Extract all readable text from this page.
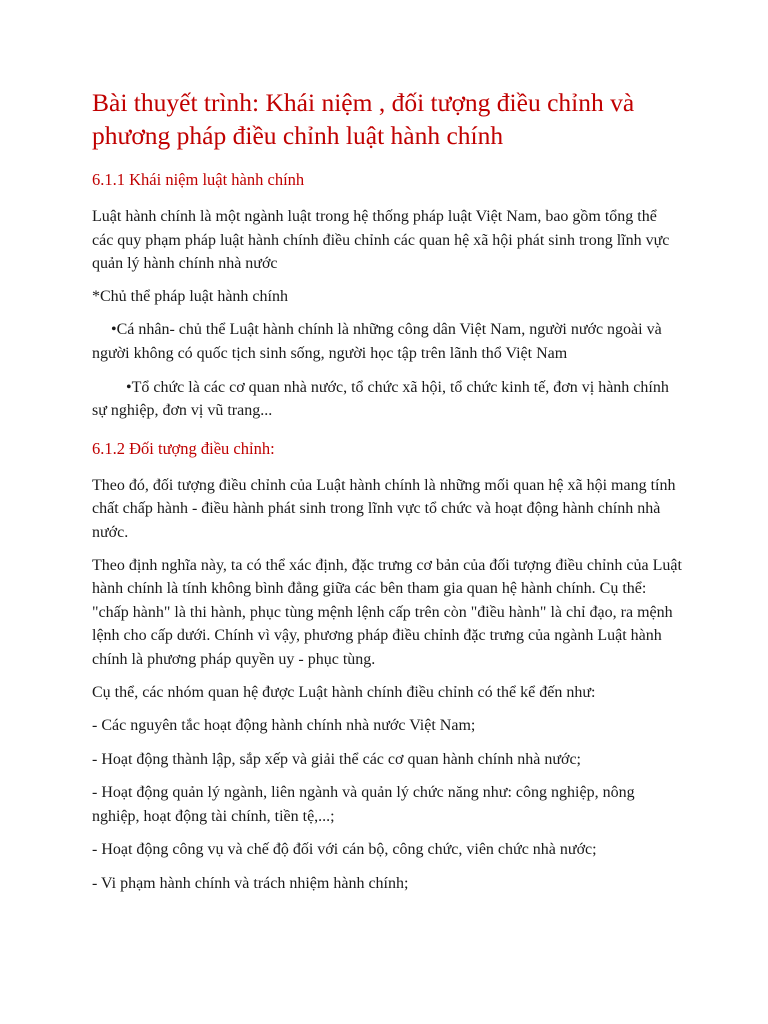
Bài thuyết trình: Khái niệm , đối tượng điều chỉnh và phương pháp điều chỉnh luật hành chính
6.1.1 Khái niệm luật hành chính

Luật hành chính là một ngành luật trong hệ thống pháp luật Việt Nam, bao gồm tổng thể các quy phạm pháp luật hành chính điều chỉnh các quan hệ xã hội phát sinh trong lĩnh vực quản lý hành chính nhà nước

*Chủ thể pháp luật hành chính

•Cá nhân- chủ thể Luật hành chính là những công dân Việt Nam, người nước ngoài và người không có quốc tịch sinh sống, người học tập trên lãnh thổ Việt Nam

•Tổ chức là các cơ quan nhà nước, tổ chức xã hội, tổ chức kinh tế, đơn vị hành chính sự nghiệp, đơn vị vũ trang...

6.1.2 Đối tượng điều chỉnh:

Theo đó, đối tượng điều chỉnh của Luật hành chính là những mối quan hệ xã hội mang tính chất chấp hành - điều hành phát sinh trong lĩnh vực tổ chức và hoạt động hành chính nhà nước.

Theo định nghĩa này, ta có thể xác định, đặc trưng cơ bản của đối tượng điều chỉnh của Luật hành chính là tính không bình đẳng giữa các bên tham gia quan hệ hành chính. Cụ thể: "chấp hành" là thi hành, phục tùng mệnh lệnh cấp trên còn "điều hành" là chỉ đạo, ra mệnh lệnh cho cấp dưới. Chính vì vậy, phương pháp điều chỉnh đặc trưng của ngành Luật hành chính là phương pháp quyền uy - phục tùng.

Cụ thể, các nhóm quan hệ được Luật hành chính điều chỉnh có thể kể đến như:

- Các nguyên tắc hoạt động hành chính nhà nước Việt Nam;

- Hoạt động thành lập, sắp xếp và giải thể các cơ quan hành chính nhà nước;

- Hoạt động quản lý ngành, liên ngành và quản lý chức năng như: công nghiệp, nông nghiệp, hoạt động tài chính, tiền tệ,...;

- Hoạt động công vụ và chế độ đối với cán bộ, công chức, viên chức nhà nước;

- Vi phạm hành chính và trách nhiệm hành chính;
